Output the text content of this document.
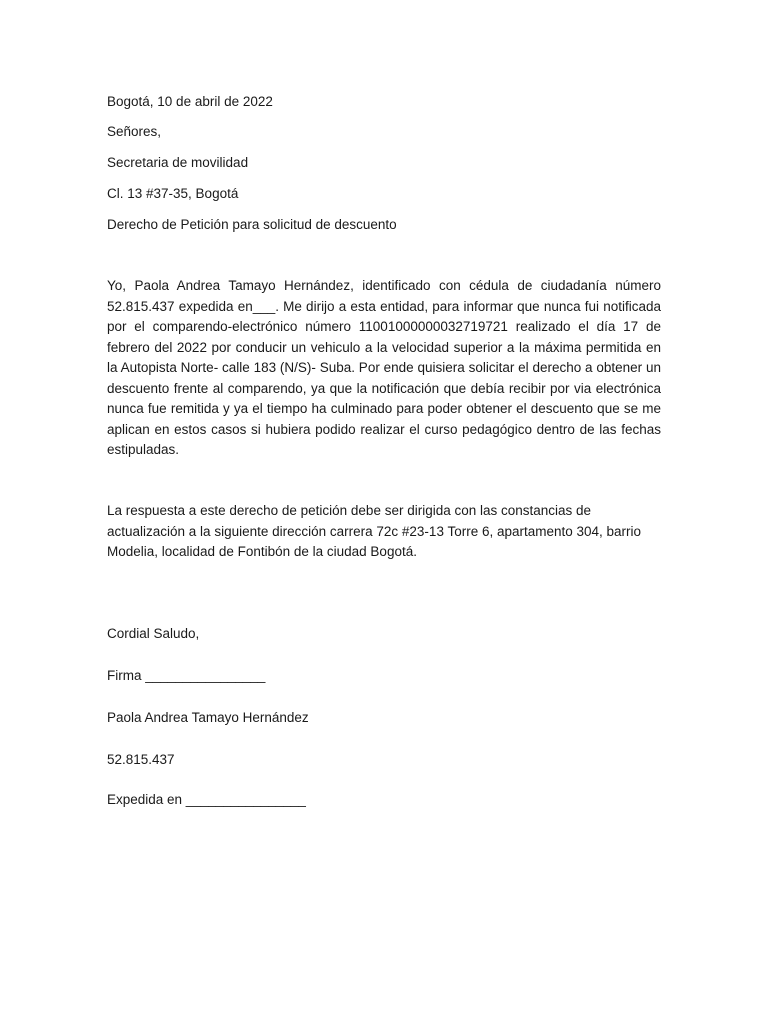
Bogotá, 10 de abril de 2022
Señores,
Secretaria de movilidad
Cl. 13 #37-35, Bogotá
Derecho de Petición para solicitud de descuento
Yo, Paola Andrea Tamayo Hernández, identificado con cédula de ciudadanía número 52.815.437 expedida en___. Me dirijo a esta entidad, para informar que nunca fui notificada por el comparendo-electrónico número 11001000000032719721 realizado el día 17 de febrero del 2022 por conducir un vehiculo a la velocidad superior a la máxima permitida en la Autopista Norte- calle 183 (N/S)- Suba. Por ende quisiera solicitar el derecho a obtener un descuento frente al comparendo, ya que la notificación que debía recibir por via electrónica nunca fue remitida y ya el tiempo ha culminado para poder obtener el descuento que se me aplican en estos casos si hubiera podido realizar el curso pedagógico dentro de las fechas estipuladas.
La respuesta a este derecho de petición debe ser dirigida con las constancias de actualización a la siguiente dirección carrera 72c #23-13 Torre 6, apartamento 304, barrio Modelia, localidad de Fontibón de la ciudad Bogotá.
Cordial Saludo,
Firma ________________
Paola Andrea Tamayo Hernández
52.815.437
Expedida en ________________
